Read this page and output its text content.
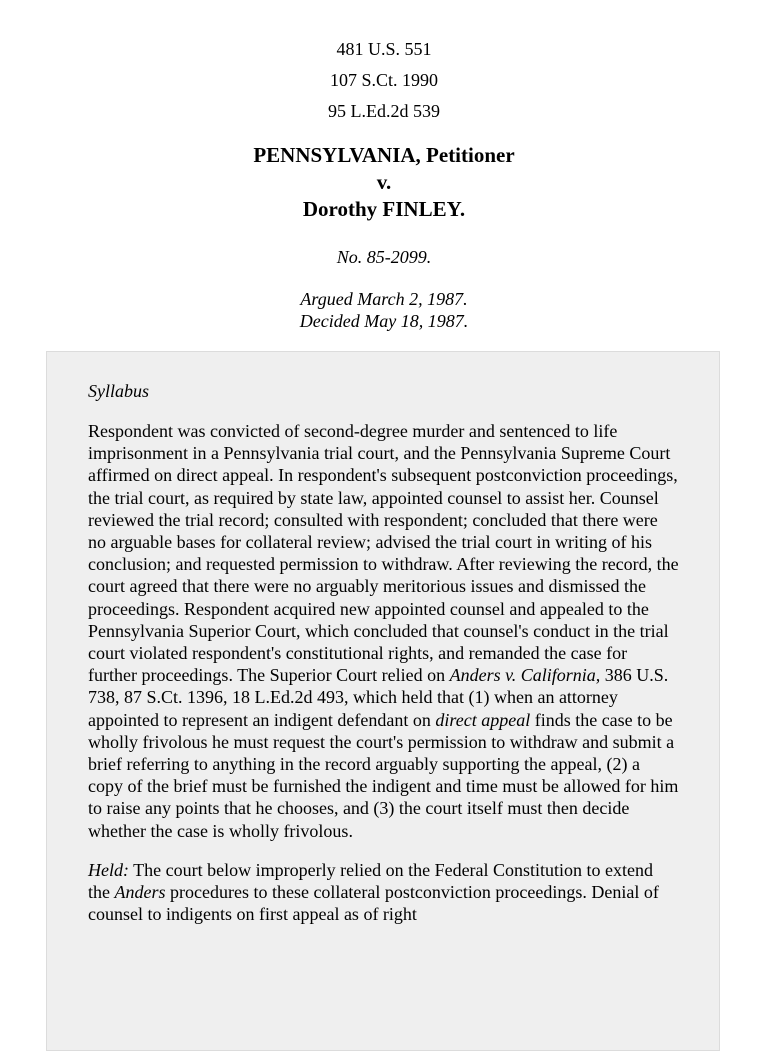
481 U.S. 551
107 S.Ct. 1990
95 L.Ed.2d 539
PENNSYLVANIA, Petitioner
v.
Dorothy FINLEY.
No. 85-2099.
Argued March 2, 1987.
Decided May 18, 1987.
Syllabus

Respondent was convicted of second-degree murder and sentenced to life imprisonment in a Pennsylvania trial court, and the Pennsylvania Supreme Court affirmed on direct appeal. In respondent's subsequent postconviction proceedings, the trial court, as required by state law, appointed counsel to assist her. Counsel reviewed the trial record; consulted with respondent; concluded that there were no arguable bases for collateral review; advised the trial court in writing of his conclusion; and requested permission to withdraw. After reviewing the record, the court agreed that there were no arguably meritorious issues and dismissed the proceedings. Respondent acquired new appointed counsel and appealed to the Pennsylvania Superior Court, which concluded that counsel's conduct in the trial court violated respondent's constitutional rights, and remanded the case for further proceedings. The Superior Court relied on Anders v. California, 386 U.S. 738, 87 S.Ct. 1396, 18 L.Ed.2d 493, which held that (1) when an attorney appointed to represent an indigent defendant on direct appeal finds the case to be wholly frivolous he must request the court's permission to withdraw and submit a brief referring to anything in the record arguably supporting the appeal, (2) a copy of the brief must be furnished the indigent and time must be allowed for him to raise any points that he chooses, and (3) the court itself must then decide whether the case is wholly frivolous.

Held: The court below improperly relied on the Federal Constitution to extend the Anders procedures to these collateral postconviction proceedings. Denial of counsel to indigents on first appeal as of right
